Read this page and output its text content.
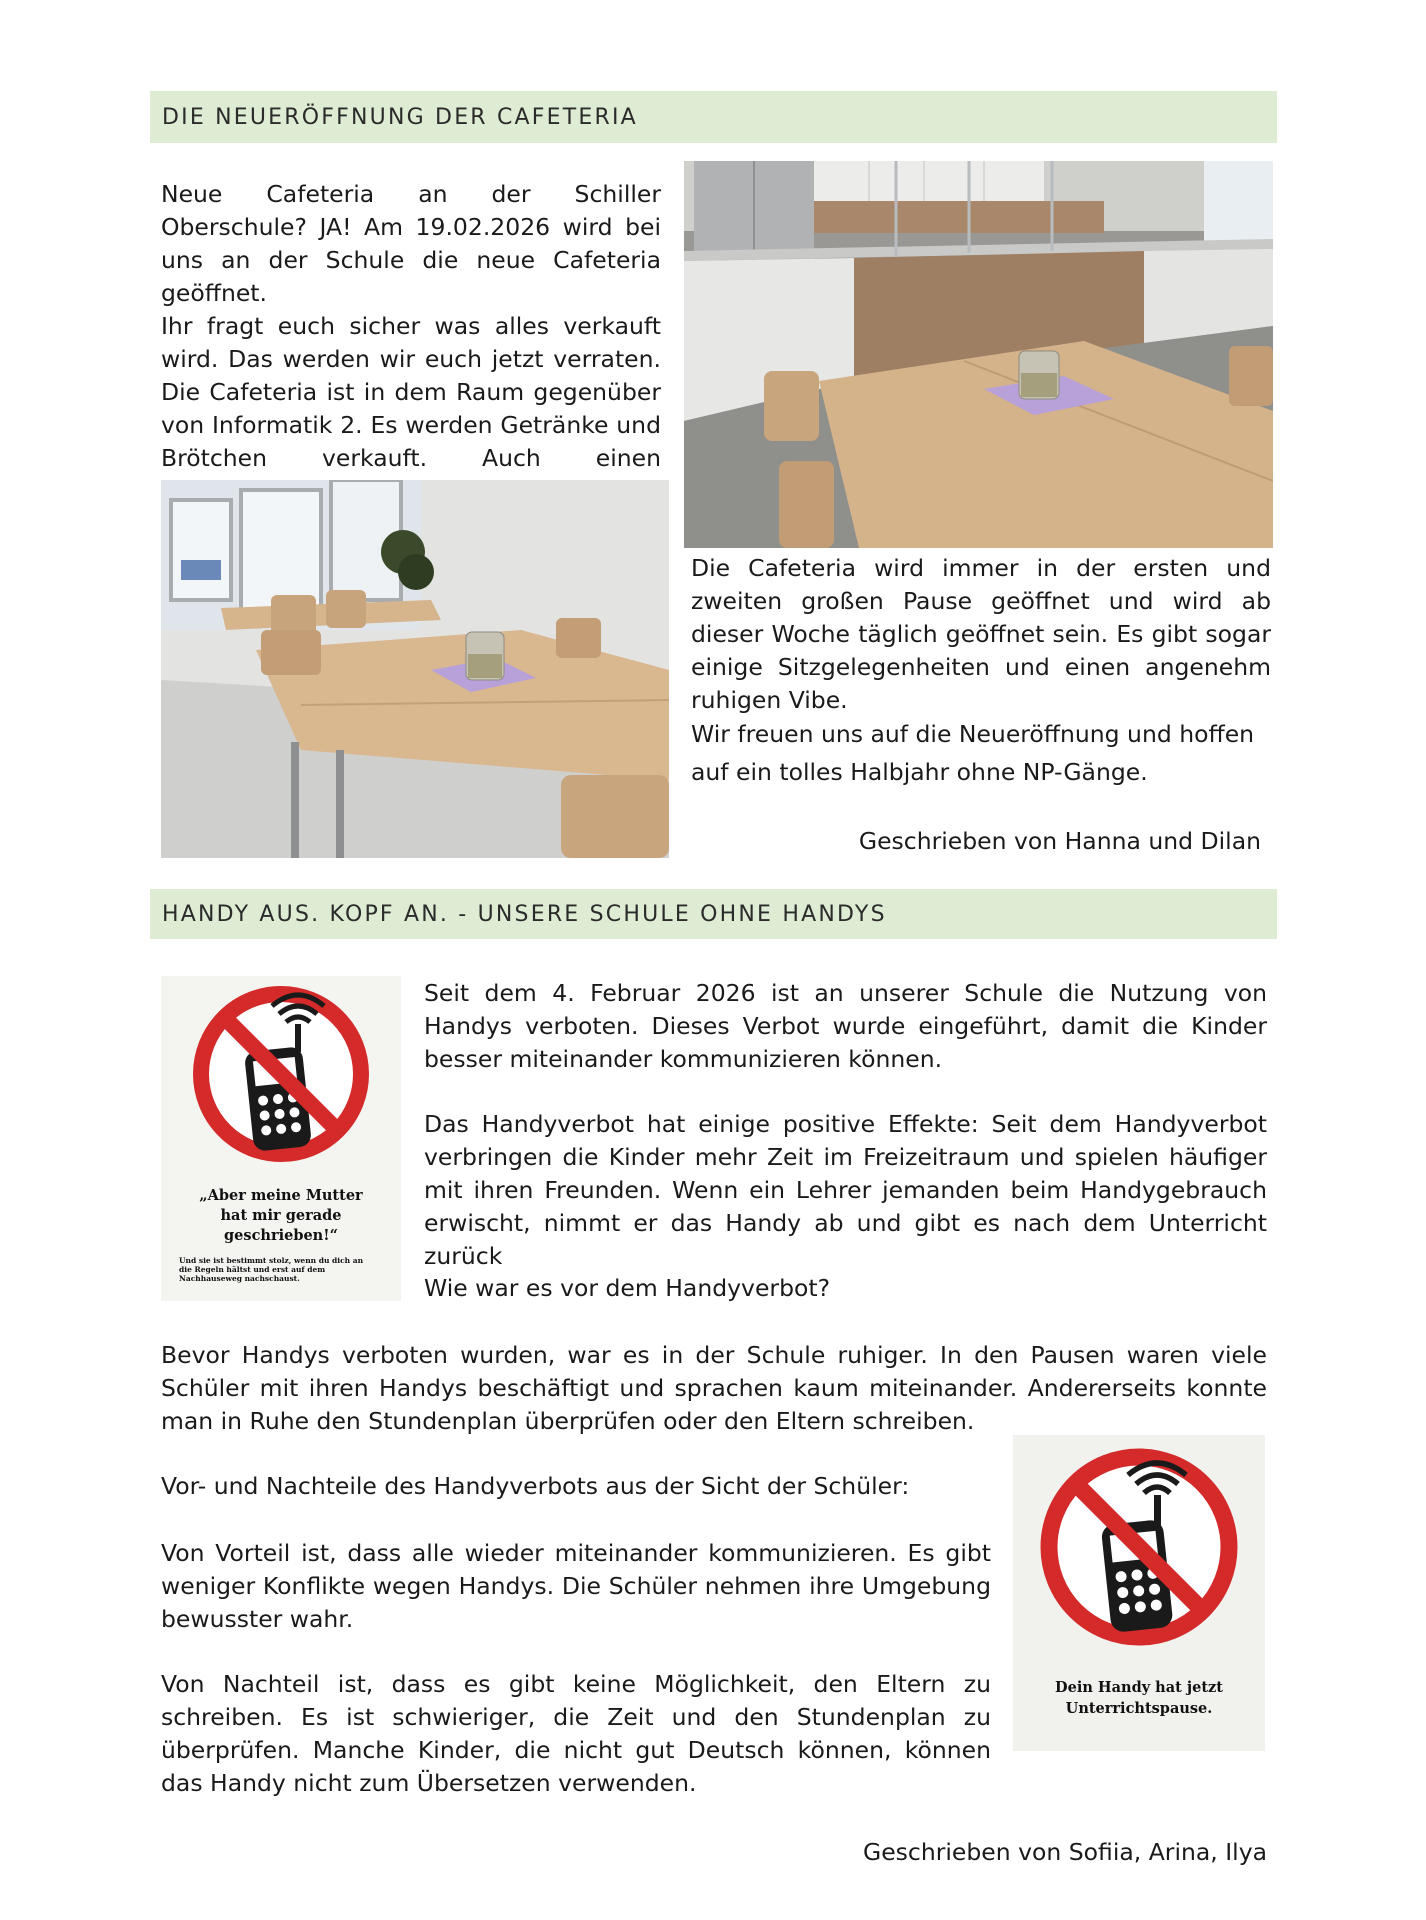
DIE NEUERÖFFNUNG DER CAFETERIA

Neue Cafeteria an der Schiller Oberschule? JA! Am 19.02.2026 wird bei uns an der Schule die neue Cafeteria geöffnet.

Ihr fragt euch sicher was alles verkauft wird. Das werden wir euch jetzt verraten. Die Cafeteria ist in dem Raum gegenüber von Informatik 2. Es werden Getränke und Brötchen verkauft. Auch einen

Die Cafeteria wird immer in der ersten und zweiten großen Pause geöffnet und wird ab dieser Woche täglich geöffnet sein. Es gibt sogar einige Sitzgelegenheiten und einen angenehm ruhigen Vibe.

Wir freuen uns auf die Neueröffnung und hoffen auf ein tolles Halbjahr ohne NP-Gänge.

Geschrieben von Hanna und Dilan
HANDY AUS. KOPF AN. - UNSERE SCHULE OHNE HANDYS
„Aber meine Mutter hat mir gerade geschrieben!“
Und sie ist bestimmt stolz, wenn du dich an die Regeln hältst und erst auf dem Nachhauseweg nachschaust.

Seit dem 4. Februar 2026 ist an unserer Schule die Nutzung von Handys verboten. Dieses Verbot wurde eingeführt, damit die Kinder besser miteinander kommunizieren können.

Das Handyverbot hat einige positive Effekte: Seit dem Handyverbot verbringen die Kinder mehr Zeit im Freizeitraum und spielen häufiger mit ihren Freunden. Wenn ein Lehrer jemanden beim Handygebrauch erwischt, nimmt er das Handy ab und gibt es nach dem Unterricht zurück

Wie war es vor dem Handyverbot?

Bevor Handys verboten wurden, war es in der Schule ruhiger. In den Pausen waren viele Schüler mit ihren Handys beschäftigt und sprachen kaum miteinander. Andererseits konnte man in Ruhe den Stundenplan überprüfen oder den Eltern schreiben.

Vor- und Nachteile des Handyverbots aus der Sicht der Schüler:

Von Vorteil ist, dass alle wieder miteinander kommunizieren. Es gibt weniger Konflikte wegen Handys. Die Schüler nehmen ihre Umgebung bewusster wahr.

Von Nachteil ist, dass es gibt keine Möglichkeit, den Eltern zu schreiben. Es ist schwieriger, die Zeit und den Stundenplan zu überprüfen. Manche Kinder, die nicht gut Deutsch können, können das Handy nicht zum Übersetzen verwenden.

Dein Handy hat jetzt Unterrichtspause.
Geschrieben von Sofiia, Arina, Ilya
